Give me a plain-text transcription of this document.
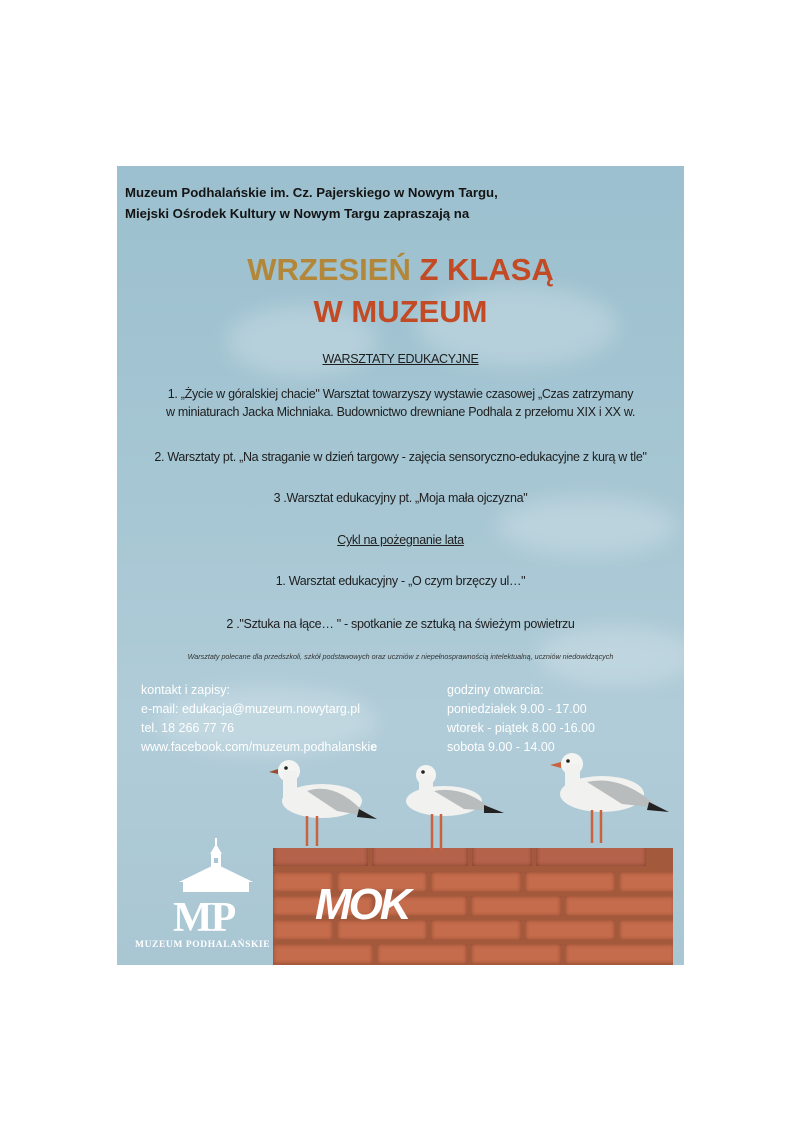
Muzeum Podhalańskie im. Cz. Pajerskiego w Nowym Targu,
Miejski Ośrodek Kultury w Nowym Targu zapraszają na
WRZESIEŃ Z KLASĄ
W MUZEUM
WARSZTATY EDUKACYJNE
1. „Życie w góralskiej chacie" Warsztat towarzyszy wystawie czasowej „Czas zatrzymany
w miniaturach Jacka Michniaka. Budownictwo drewniane Podhala z przełomu XIX i XX w.
2. Warsztaty pt. „Na straganie w dzień targowy - zajęcia sensoryczno-edukacyjne z kurą w tle"
3 .Warsztat edukacyjny pt. „Moja mała ojczyzna"
Cykl na pożegnanie lata
1. Warsztat edukacyjny - „O czym brzęczy ul…"
2 ."Sztuka na łące… " - spotkanie ze sztuką na świeżym powietrzu
Warsztaty polecane dla przedszkoli, szkół podstawowych oraz uczniów z niepełnosprawnością intelektualną, uczniów niedowidzących
kontakt i zapisy:
e-mail: edukacja@muzeum.nowytarg.pl
tel. 18 266 77 76
www.facebook.com/muzeum.podhalanskie
godziny otwarcia:
poniedziałek 9.00 - 17.00
wtorek - piątek 8.00 -16.00
sobota 9.00 - 14.00
MP
MUZEUM PODHALAŃSKIE
MOK
